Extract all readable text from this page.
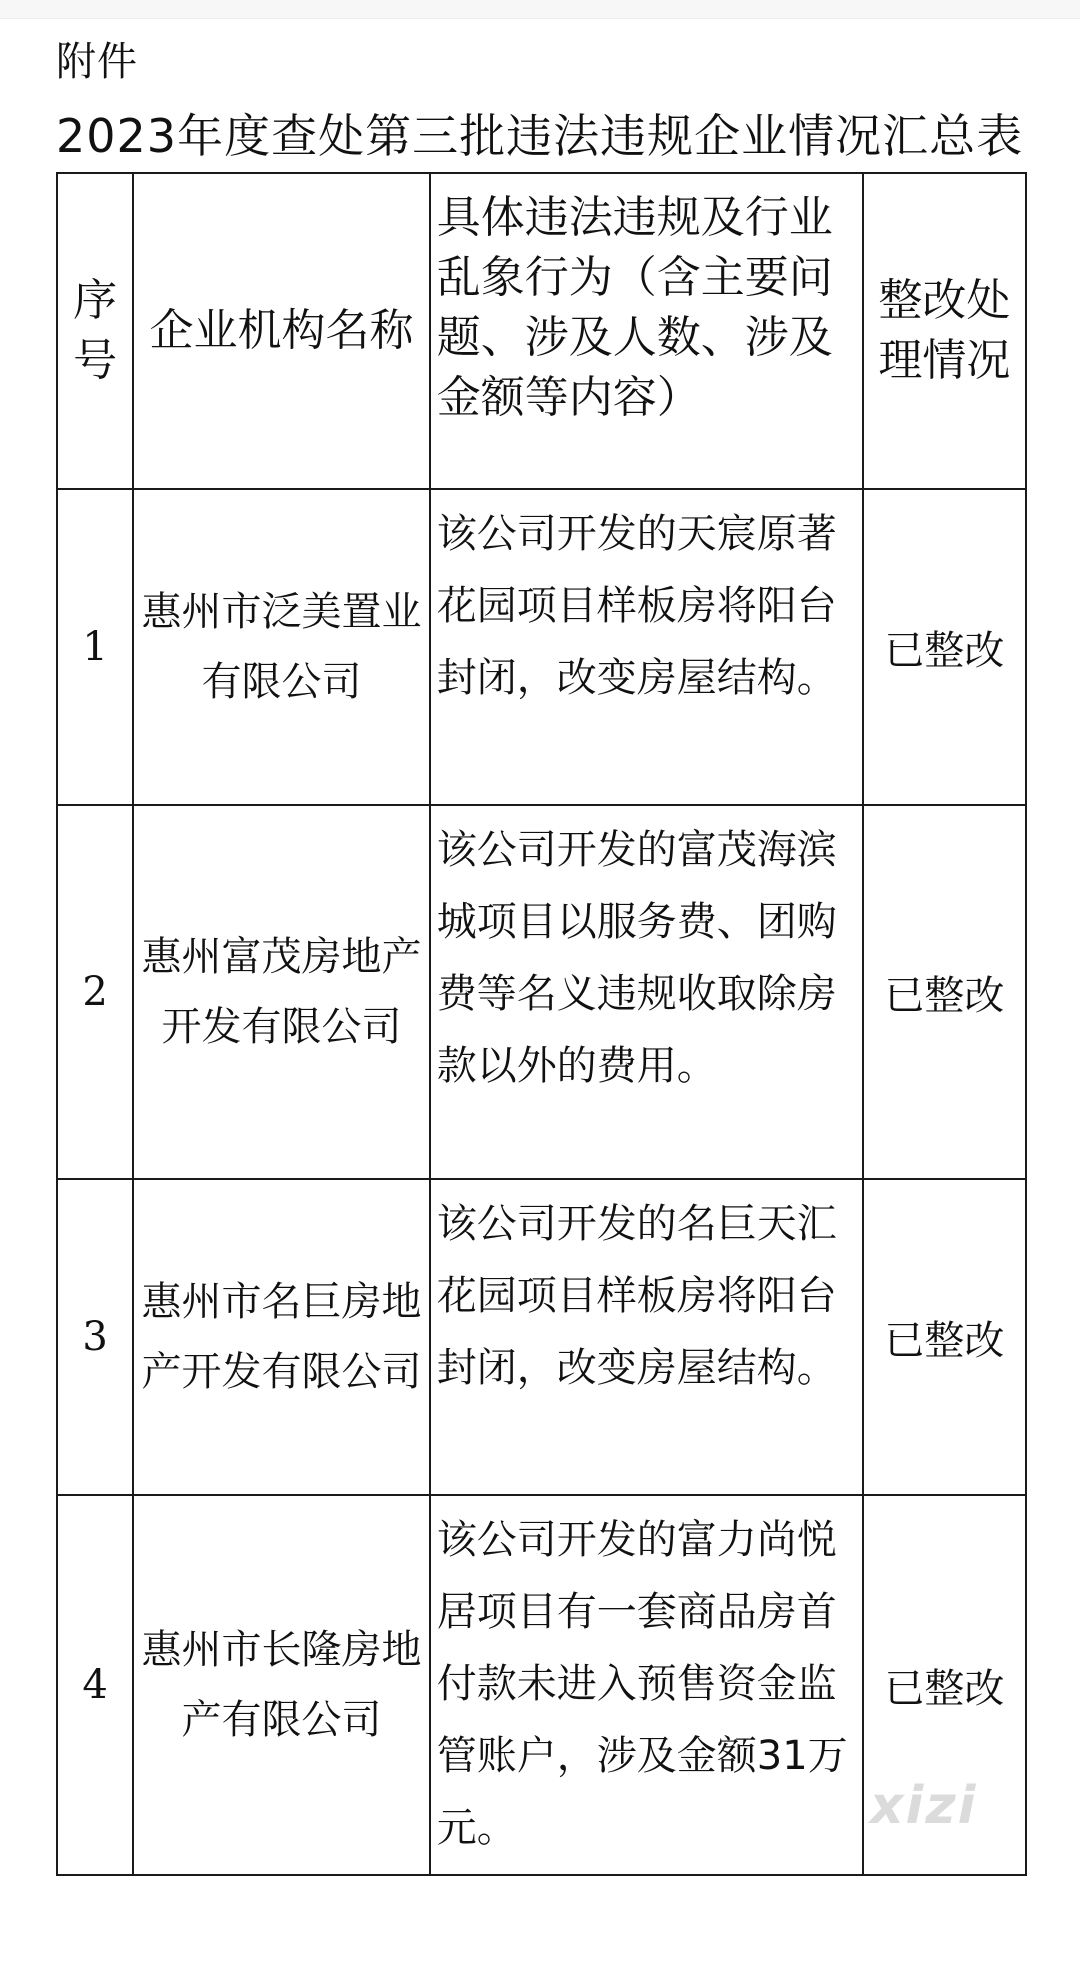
附件
2023年度查处第三批违法违规企业情况汇总表
序号	企业机构名称	具体违法违规及行业乱象行为（含主要问题、涉及人数、涉及金额等内容）	整改处理情况
1	惠州市泛美置业有限公司	该公司开发的天宸原著花园项目样板房将阳台封闭，改变房屋结构。	已整改
2	惠州富茂房地产开发有限公司	该公司开发的富茂海滨城项目以服务费、团购费等名义违规收取除房款以外的费用。	已整改
3	惠州市名巨房地产开发有限公司	该公司开发的名巨天汇花园项目样板房将阳台封闭，改变房屋结构。	已整改
4	惠州市长隆房地产有限公司	该公司开发的富力尚悦居项目有一套商品房首付款未进入预售资金监管账户，涉及金额31万元。	已整改
xizi
